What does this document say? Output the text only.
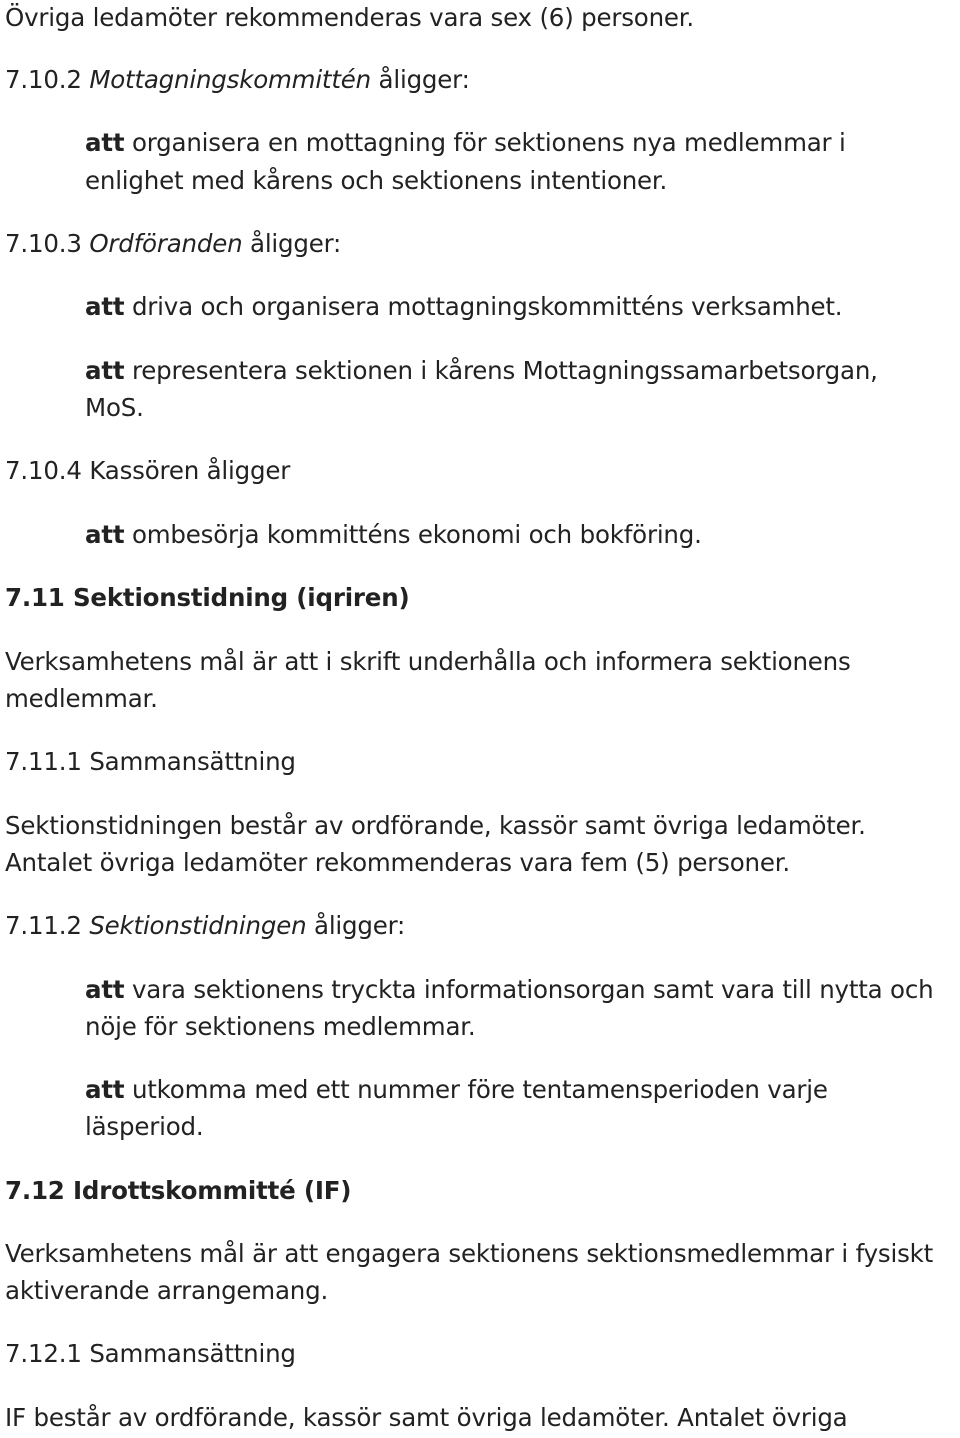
Övriga ledamöter rekommenderas vara sex (6) personer.
7.10.2 Mottagningskommittén åligger:
att organisera en mottagning för sektionens nya medlemmar i
enlighet med kårens och sektionens intentioner.
7.10.3 Ordföranden åligger:
att driva och organisera mottagningskommitténs verksamhet.
att representera sektionen i kårens Mottagningssamarbetsorgan,
MoS.
7.10.4 Kassören åligger
att ombesörja kommitténs ekonomi och bokföring.
7.11 Sektionstidning (iqriren)
Verksamhetens mål är att i skrift underhålla och informera sektionens
medlemmar.
7.11.1 Sammansättning
Sektionstidningen består av ordförande, kassör samt övriga ledamöter.
Antalet övriga ledamöter rekommenderas vara fem (5) personer.
7.11.2 Sektionstidningen åligger:
att vara sektionens tryckta informationsorgan samt vara till nytta och
nöje för sektionens medlemmar.
att utkomma med ett nummer före tentamensperioden varje
läsperiod.
7.12 Idrottskommitté (IF)
Verksamhetens mål är att engagera sektionens sektionsmedlemmar i fysiskt
aktiverande arrangemang.
7.12.1 Sammansättning
IF består av ordförande, kassör samt övriga ledamöter. Antalet övriga
